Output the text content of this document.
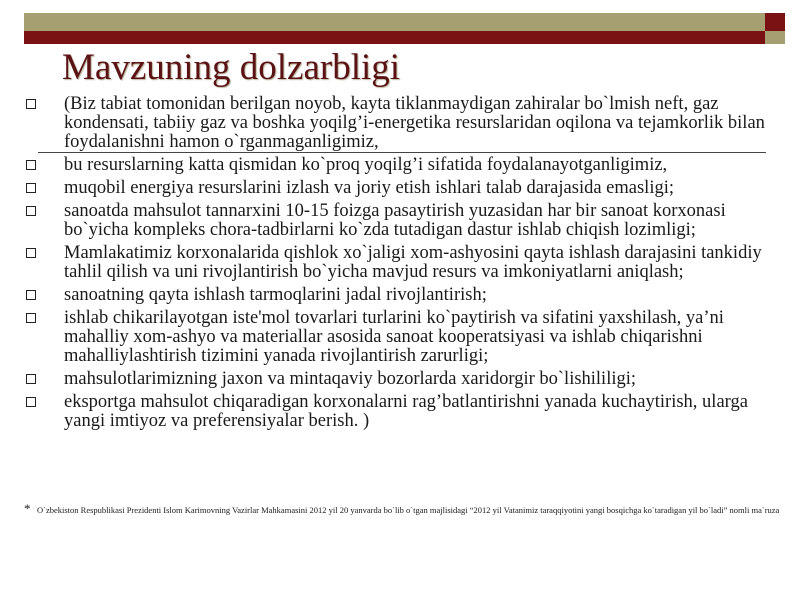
Mavzuning dolzarbligi
(Biz tabiat tomonidan berilgan noyob, kayta tiklanmaydigan zahiralar bo`lmish neft, gaz kondensati, tabiiy gaz va boshka yoqilg’i-energetika resurslaridan oqilona va tejamkorlik bilan foydalanishni hamon o`rganmaganligimiz,
bu resurslarning katta qismidan ko`proq yoqilg’i sifatida foydalanayotganligimiz,
muqobil energiya resurslarini izlash va joriy etish ishlari talab darajasida emasligi;
sanoatda mahsulot tannarxini 10-15 foizga pasaytirish yuzasidan har bir sanoat korxonasi bo`yicha kompleks chora-tadbirlarni ko`zda tutadigan dastur ishlab chiqish lozimligi;
Mamlakatimiz korxonalarida qishlok xo`jaligi xom-ashyosini qayta ishlash darajasini tankidiy tahlil qilish va uni rivojlantirish bo`yicha mavjud resurs va imkoniyatlarni aniqlash;
sanoatning qayta ishlash tarmoqlarini jadal rivojlantirish;
ishlab chikarilayotgan iste'mol tovarlari turlarini ko`paytirish va sifatini yaxshilash, ya’ni mahalliy xom-ashyo va materiallar asosida sanoat kooperatsiyasi va ishlab chiqarishni mahalliylashtirish tizimini yanada rivojlantirish zarurligi;
mahsulotlarimizning jaxon va mintaqaviy bozorlarda xaridorgir bo`lishililigi;
eksportga mahsulot chiqaradigan korxonalarni rag’batlantirishni yanada kuchaytirish, ularga yangi imtiyoz va preferensiyalar berish. )
* O`zbekiston Respublikasi Prezidenti Islom Karimovning Vazirlar Mahkamasini 2012 yil 20 yanvarda bo`lib o`tgan majlisidagi “2012 yil Vatanimiz taraqqiyotini yangi bosqichga ko`taradigan yil bo`ladi” nomli ma`ruza
